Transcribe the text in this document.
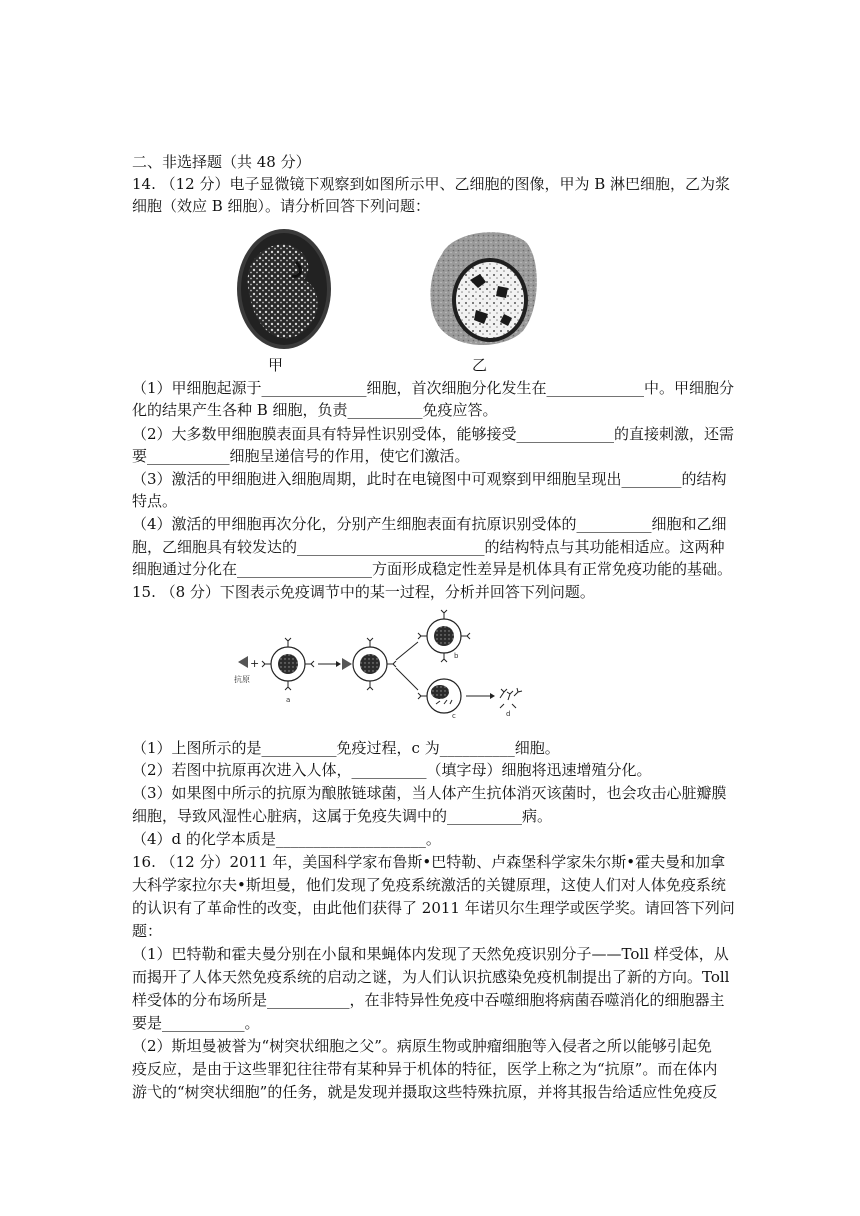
二、非选择题（共 48 分）
14. （12 分）电子显微镜下观察到如图所示甲、乙细胞的图像，甲为 B 淋巴细胞，乙为浆
细胞（效应 B 细胞）。请分析回答下列问题：
甲	乙
（1）甲细胞起源于______________细胞，首次细胞分化发生在_____________中。甲细胞分
化的结果产生各种 B 细胞，负责__________免疫应答。
（2）大多数甲细胞膜表面具有特异性识别受体，能够接受_____________的直接刺激，还需
要___________细胞呈递信号的作用，使它们激活。
（3）激活的甲细胞进入细胞周期，此时在电镜图中可观察到甲细胞呈现出________的结构
特点。
（4）激活的甲细胞再次分化，分别产生细胞表面有抗原识别受体的__________细胞和乙细
胞，乙细胞具有较发达的_________________________的结构特点与其功能相适应。这两种
细胞通过分化在__________________方面形成稳定性差异是机体具有正常免疫功能的基础。
15. （8 分）下图表示免疫调节中的某一过程，分析并回答下列问题。
+
抗原
a
b
c	d
（1）上图所示的是__________免疫过程，c 为__________细胞。
（2）若图中抗原再次进入人体，__________（填字母）细胞将迅速增殖分化。
（3）如果图中所示的抗原为酿脓链球菌，当人体产生抗体消灭该菌时，也会攻击心脏瓣膜
细胞，导致风湿性心脏病，这属于免疫失调中的__________病。
（4）d 的化学本质是____________________。
16. （12 分）2011 年，美国科学家布鲁斯•巴特勒、卢森堡科学家朱尔斯•霍夫曼和加拿
大科学家拉尔夫•斯坦曼，他们发现了免疫系统激活的关键原理，这使人们对人体免疫系统
的认识有了革命性的改变，由此他们获得了 2011 年诺贝尔生理学或医学奖。请回答下列问
题：
（1）巴特勒和霍夫曼分别在小鼠和果蝇体内发现了天然免疫识别分子——Toll 样受体，从
而揭开了人体天然免疫系统的启动之谜，为人们认识抗感染免疫机制提出了新的方向。Toll
样受体的分布场所是___________，在非特异性免疫中吞噬细胞将病菌吞噬消化的细胞器主
要是___________。
（2）斯坦曼被誉为“树突状细胞之父”。病原生物或肿瘤细胞等入侵者之所以能够引起免
疫反应，是由于这些罪犯往往带有某种异于机体的特征，医学上称之为“抗原”。而在体内
游弋的“树突状细胞”的任务，就是发现并摄取这些特殊抗原，并将其报告给适应性免疫反
